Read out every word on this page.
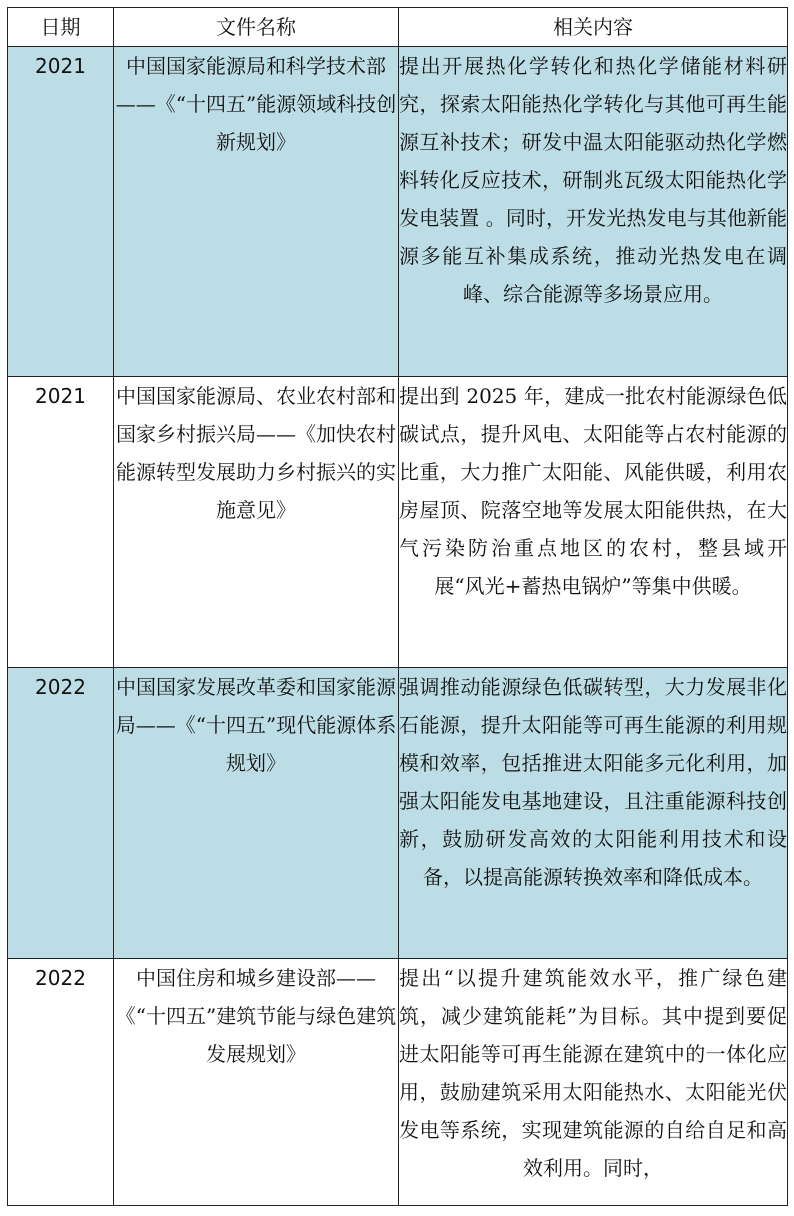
日期	文件名称	相关内容
2021	中国国家能源局和科学技术部——《“十四五”能源领域科技创新规划》	提出开展热化学转化和热化学储能材料研究，探索太阳能热化学转化与其他可再生能源互补技术；研发中温太阳能驱动热化学燃料转化反应技术，研制兆瓦级太阳能热化学发电装置 。同时，开发光热发电与其他新能源多能互补集成系统，推动光热发电在调峰、综合能源等多场景应用。
2021	中国国家能源局、农业农村部和国家乡村振兴局——《加快农村能源转型发展助力乡村振兴的实施意见》	提出到 2025 年，建成一批农村能源绿色低碳试点，提升风电、太阳能等占农村能源的比重，大力推广太阳能、风能供暖，利用农房屋顶、院落空地等发展太阳能供热，在大气污染防治重点地区的农村，整县域开展“风光+蓄热电锅炉”等集中供暖。
2022	中国国家发展改革委和国家能源局——《“十四五”现代能源体系规划》	强调推动能源绿色低碳转型，大力发展非化石能源，提升太阳能等可再生能源的利用规模和效率，包括推进太阳能多元化利用，加强太阳能发电基地建设，且注重能源科技创新，鼓励研发高效的太阳能利用技术和设备，以提高能源转换效率和降低成本。
2022	中国住房和城乡建设部——《“十四五”建筑节能与绿色建筑发展规划》	提出“以提升建筑能效水平，推广绿色建筑，减少建筑能耗”为目标。其中提到要促进太阳能等可再生能源在建筑中的一体化应用，鼓励建筑采用太阳能热水、太阳能光伏发电等系统，实现建筑能源的自给自足和高效利用。同时，
